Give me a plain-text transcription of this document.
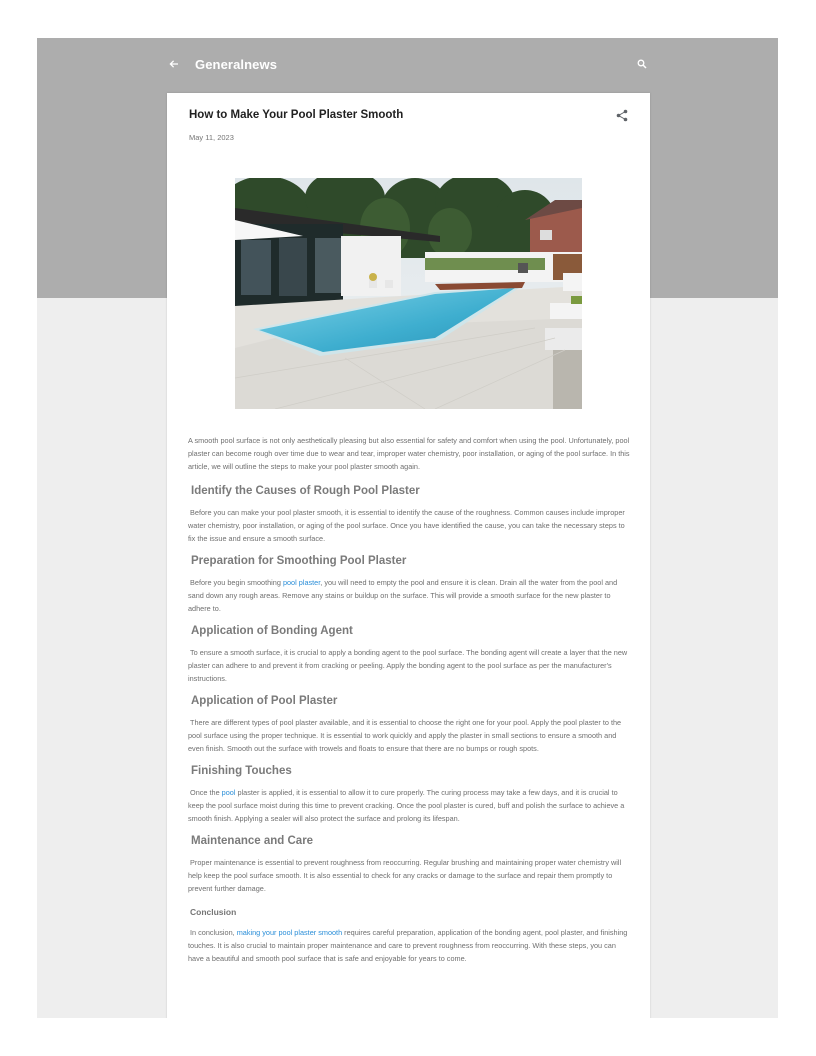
Generalnews
How to Make Your Pool Plaster Smooth
May 11, 2023

A smooth pool surface is not only aesthetically pleasing but also essential for safety and comfort when using the pool. Unfortunately, pool plaster can become rough over time due to wear and tear, improper water chemistry, poor installation, or aging of the pool surface. In this article, we will outline the steps to make your pool plaster smooth again.

Identify the Causes of Rough Pool Plaster

Before you can make your pool plaster smooth, it is essential to identify the cause of the roughness. Common causes include improper water chemistry, poor installation, or aging of the pool surface. Once you have identified the cause, you can take the necessary steps to fix the issue and ensure a smooth surface.

Preparation for Smoothing Pool Plaster

Before you begin smoothing pool plaster, you will need to empty the pool and ensure it is clean. Drain all the water from the pool and sand down any rough areas. Remove any stains or buildup on the surface. This will provide a smooth surface for the new plaster to adhere to.

Application of Bonding Agent

To ensure a smooth surface, it is crucial to apply a bonding agent to the pool surface. The bonding agent will create a layer that the new plaster can adhere to and prevent it from cracking or peeling. Apply the bonding agent to the pool surface as per the manufacturer's instructions.

Application of Pool Plaster

There are different types of pool plaster available, and it is essential to choose the right one for your pool. Apply the pool plaster to the pool surface using the proper technique. It is essential to work quickly and apply the plaster in small sections to ensure a smooth and even finish. Smooth out the surface with trowels and floats to ensure that there are no bumps or rough spots.

Finishing Touches

Once the pool plaster is applied, it is essential to allow it to cure properly. The curing process may take a few days, and it is crucial to keep the pool surface moist during this time to prevent cracking. Once the pool plaster is cured, buff and polish the surface to achieve a smooth finish. Applying a sealer will also protect the surface and prolong its lifespan.

Maintenance and Care

Proper maintenance is essential to prevent roughness from reoccurring. Regular brushing and maintaining proper water chemistry will help keep the pool surface smooth. It is also essential to check for any cracks or damage to the surface and repair them promptly to prevent further damage.

Conclusion

In conclusion, making your pool plaster smooth requires careful preparation, application of the bonding agent, pool plaster, and finishing touches. It is also crucial to maintain proper maintenance and care to prevent roughness from reoccurring. With these steps, you can have a beautiful and smooth pool surface that is safe and enjoyable for years to come.
